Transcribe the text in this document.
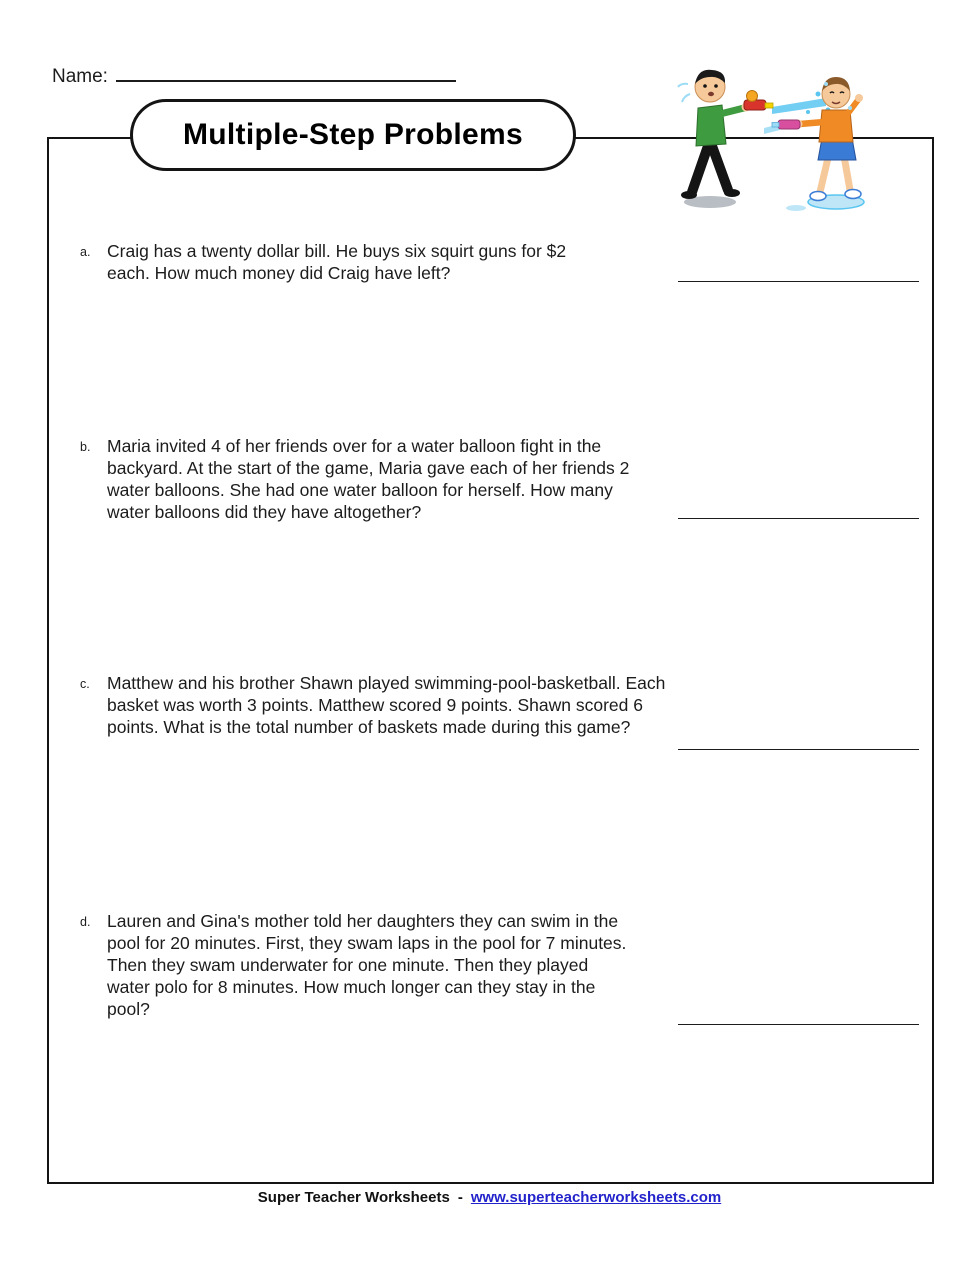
Name:
Multiple-Step Problems
a. Craig has a twenty dollar bill. He buys six squirt guns for $2 each. How much money did Craig have left?
b. Maria invited 4 of her friends over for a water balloon fight in the backyard. At the start of the game, Maria gave each of her friends 2 water balloons. She had one water balloon for herself. How many water balloons did they have altogether?
c. Matthew and his brother Shawn played swimming-pool-basketball. Each basket was worth 3 points. Matthew scored 9 points. Shawn scored 6 points. What is the total number of baskets made during this game?
d. Lauren and Gina's mother told her daughters they can swim in the pool for 20 minutes. First, they swam laps in the pool for 7 minutes. Then they swam underwater for one minute. Then they played water polo for 8 minutes. How much longer can they stay in the pool?
Super Teacher Worksheets - www.superteacherworksheets.com
